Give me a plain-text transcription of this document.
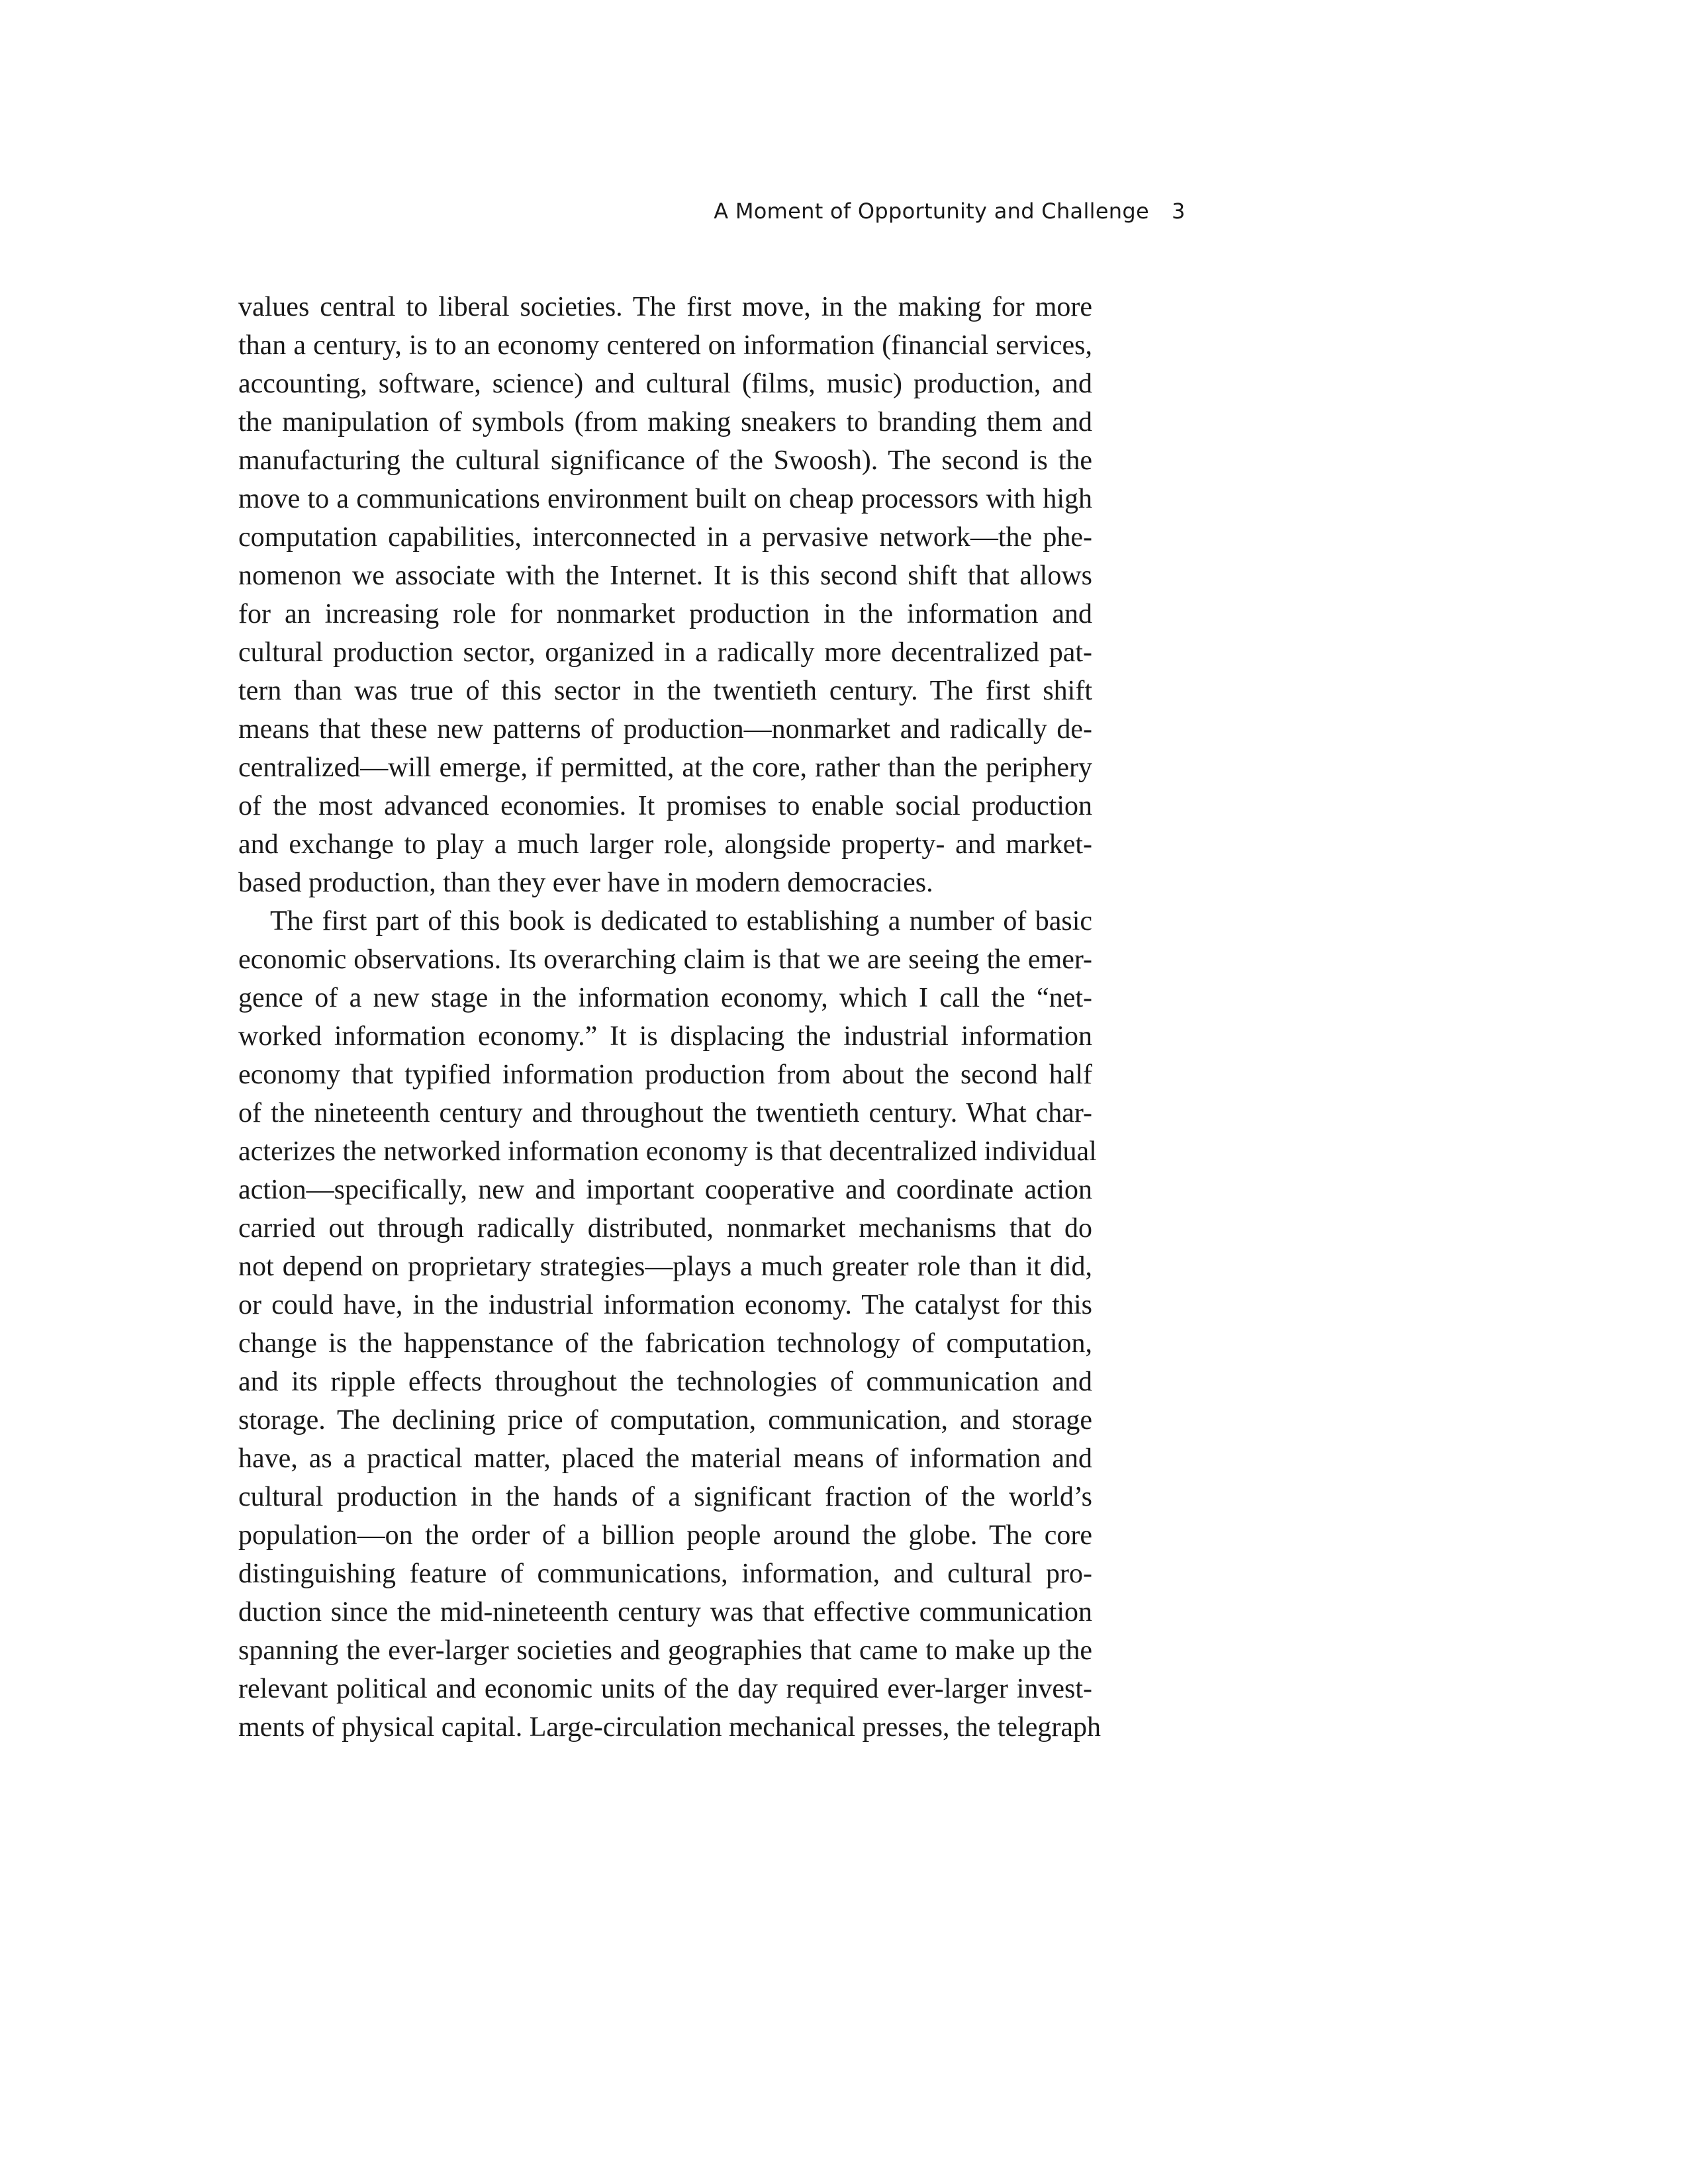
A Moment of Opportunity and Challenge 3
values central to liberal societies. The first move, in the making for more
than a century, is to an economy centered on information (financial services,
accounting, software, science) and cultural (films, music) production, and
the manipulation of symbols (from making sneakers to branding them and
manufacturing the cultural significance of the Swoosh). The second is the
move to a communications environment built on cheap processors with high
computation capabilities, interconnected in a pervasive network—the phe-
nomenon we associate with the Internet. It is this second shift that allows
for an increasing role for nonmarket production in the information and
cultural production sector, organized in a radically more decentralized pat-
tern than was true of this sector in the twentieth century. The first shift
means that these new patterns of production—nonmarket and radically de-
centralized—will emerge, if permitted, at the core, rather than the periphery
of the most advanced economies. It promises to enable social production
and exchange to play a much larger role, alongside property- and market-
based production, than they ever have in modern democracies.
The first part of this book is dedicated to establishing a number of basic
economic observations. Its overarching claim is that we are seeing the emer-
gence of a new stage in the information economy, which I call the “net-
worked information economy.” It is displacing the industrial information
economy that typified information production from about the second half
of the nineteenth century and throughout the twentieth century. What char-
acterizes the networked information economy is that decentralized individual
action—specifically, new and important cooperative and coordinate action
carried out through radically distributed, nonmarket mechanisms that do
not depend on proprietary strategies—plays a much greater role than it did,
or could have, in the industrial information economy. The catalyst for this
change is the happenstance of the fabrication technology of computation,
and its ripple effects throughout the technologies of communication and
storage. The declining price of computation, communication, and storage
have, as a practical matter, placed the material means of information and
cultural production in the hands of a significant fraction of the world’s
population—on the order of a billion people around the globe. The core
distinguishing feature of communications, information, and cultural pro-
duction since the mid-nineteenth century was that effective communication
spanning the ever-larger societies and geographies that came to make up the
relevant political and economic units of the day required ever-larger invest-
ments of physical capital. Large-circulation mechanical presses, the telegraph
